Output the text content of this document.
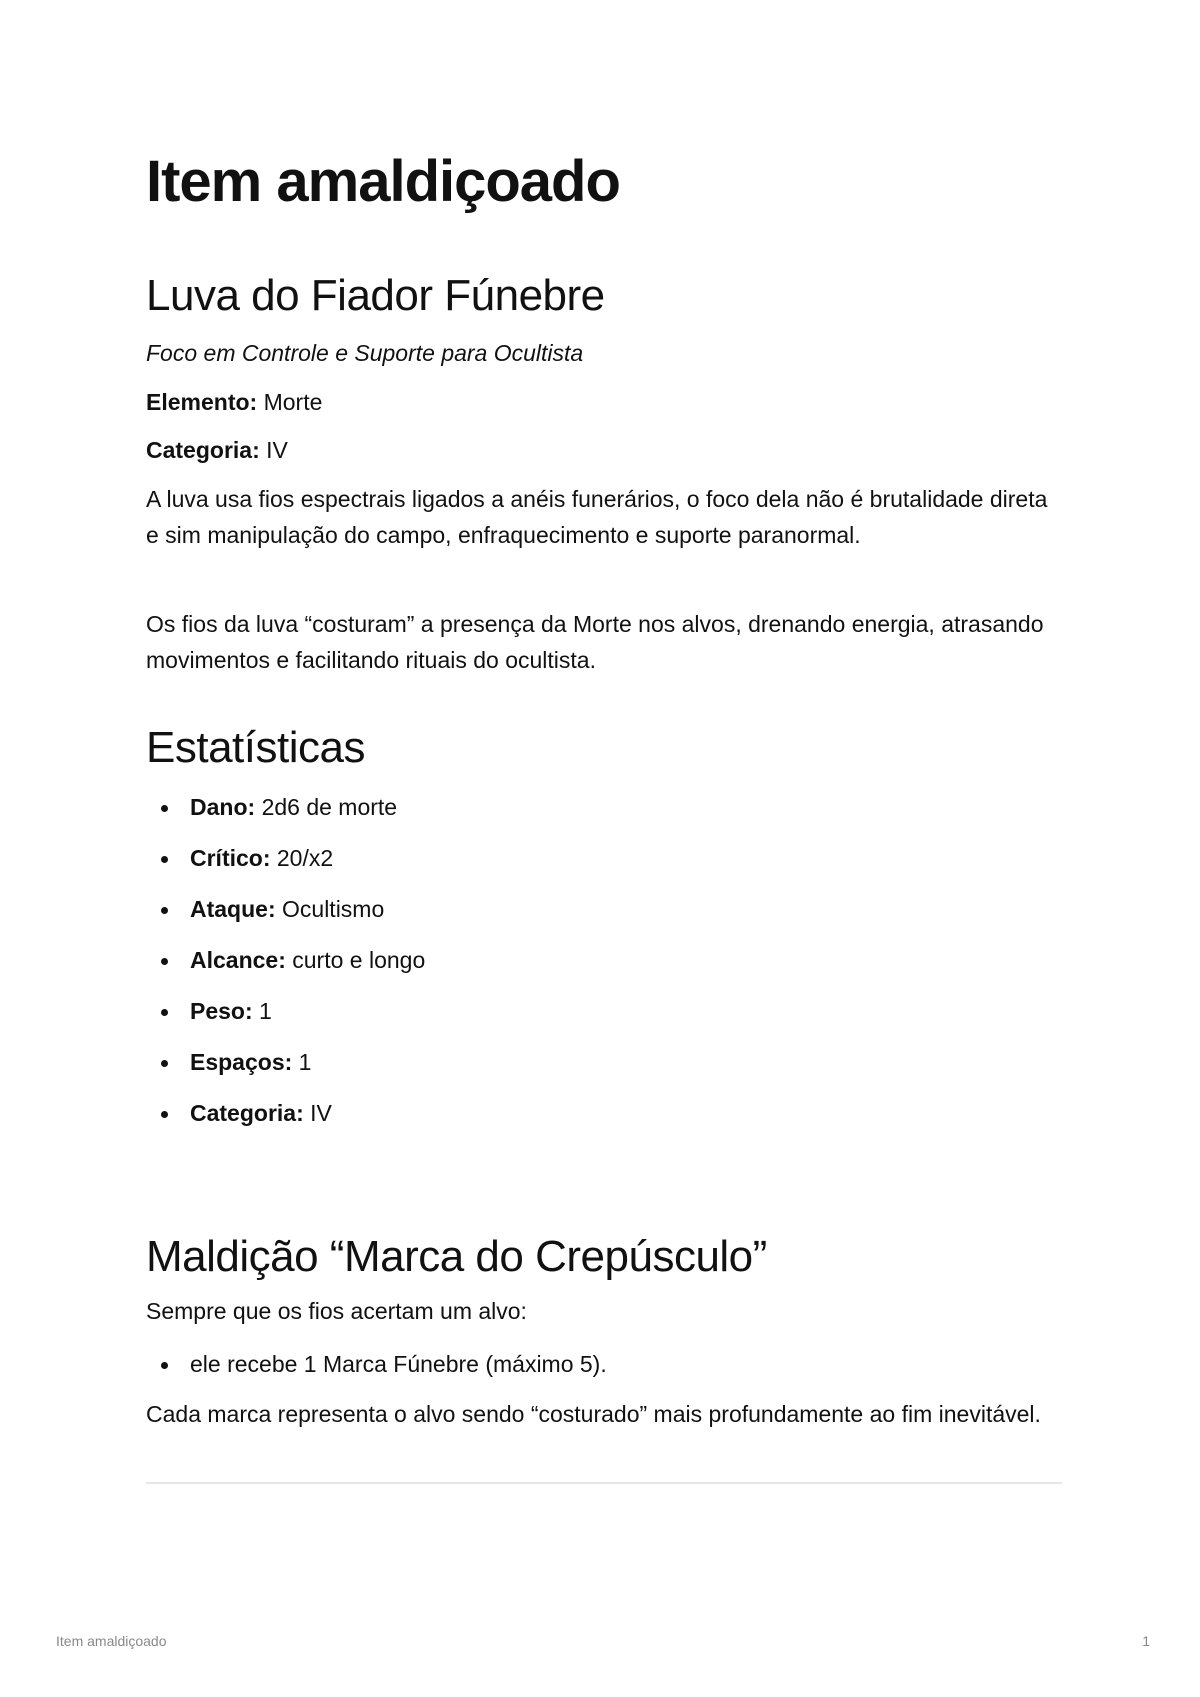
Item amaldiçoado
Luva do Fiador Fúnebre

Foco em Controle e Suporte para Ocultista

Elemento: Morte

Categoria: IV

A luva usa fios espectrais ligados a anéis funerários, o foco dela não é brutalidade direta e sim manipulação do campo, enfraquecimento e suporte paranormal.

Os fios da luva “costuram” a presença da Morte nos alvos, drenando energia, atrasando movimentos e facilitando rituais do ocultista.

Estatísticas
Dano: 2d6 de morte
Crítico: 20/x2
Ataque: Ocultismo
Alcance: curto e longo
Peso: 1
Espaços: 1
Categoria: IV
Maldição “Marca do Crepúsculo”

Sempre que os fios acertam um alvo:

ele recebe 1 Marca Fúnebre (máximo 5).

Cada marca representa o alvo sendo “costurado” mais profundamente ao fim inevitável.

Item amaldiçoado	1
